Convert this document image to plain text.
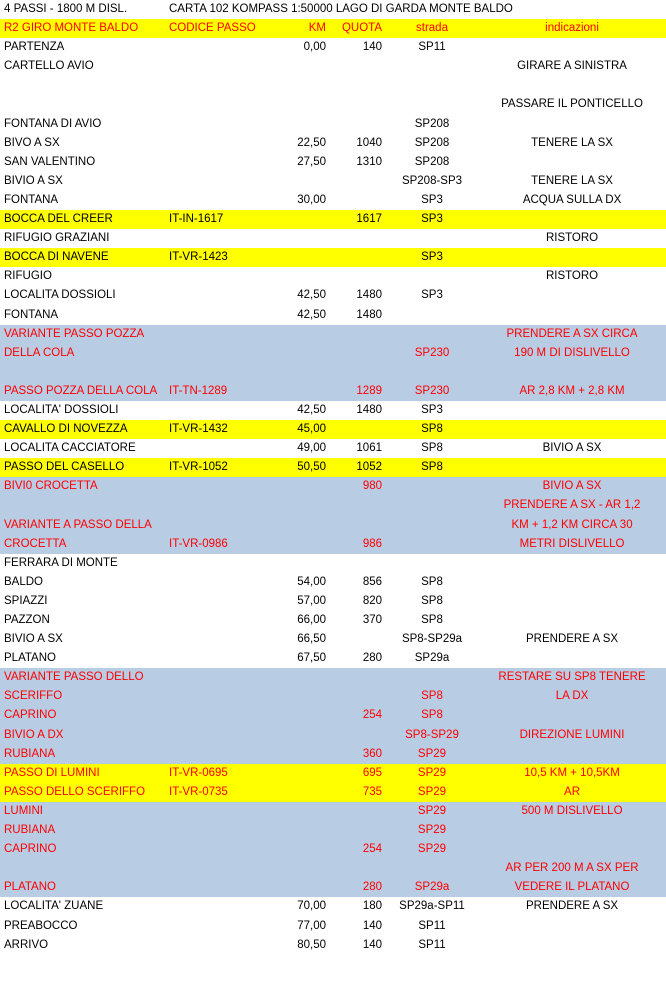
4 PASSI - 1800 M DISL.	CARTA 102 KOMPASS 1:50000 LAGO DI GARDA MONTE BALDO				
R2 GIRO MONTE BALDO	CODICE PASSO	KM	QUOTA	strada	indicazioni
PARTENZA		0,00	140	SP11	
CARTELLO AVIO					GIRARE A SINISTRA

					PASSARE IL PONTICELLO
FONTANA DI AVIO				SP208	
BIVO A SX		22,50	1040	SP208	TENERE LA SX
SAN VALENTINO		27,50	1310	SP208	
BIVIO A SX				SP208-SP3	TENERE LA SX
FONTANA		30,00		SP3	ACQUA SULLA DX
BOCCA DEL CREER	IT-IN-1617		1617	SP3	
RIFUGIO GRAZIANI					RISTORO
BOCCA DI NAVENE	IT-VR-1423			SP3	
RIFUGIO					RISTORO
LOCALITA DOSSIOLI		42,50	1480	SP3	
FONTANA		42,50	1480		
VARIANTE PASSO POZZA					PRENDERE A SX CIRCA
DELLA COLA				SP230	190 M DI DISLIVELLO

PASSO POZZA DELLA COLA	IT-TN-1289		1289	SP230	AR 2,8 KM + 2,8 KM
LOCALITA' DOSSIOLI		42,50	1480	SP3	
CAVALLO DI NOVEZZA	IT-VR-1432	45,00		SP8	
LOCALITA CACCIATORE		49,00	1061	SP8	BIVIO A SX
PASSO DEL CASELLO	IT-VR-1052	50,50	1052	SP8	
BIVI0 CROCETTA			980		BIVIO A SX
					PRENDERE A SX - AR 1,2
VARIANTE A PASSO DELLA					KM + 1,2 KM CIRCA 30
CROCETTA	IT-VR-0986		986		METRI DISLIVELLO
FERRARA DI MONTE					
BALDO		54,00	856	SP8	
SPIAZZI		57,00	820	SP8	
PAZZON		66,00	370	SP8	
BIVIO A SX		66,50		SP8-SP29a	PRENDERE A SX
PLATANO		67,50	280	SP29a	
VARIANTE PASSO DELLO					RESTARE SU SP8 TENERE
SCERIFFO				SP8	LA DX
CAPRINO			254	SP8	
BIVIO A DX				SP8-SP29	DIREZIONE LUMINI
RUBIANA			360	SP29	
PASSO DI LUMINI	IT-VR-0695		695	SP29	10,5 KM + 10,5KM
PASSO DELLO SCERIFFO	IT-VR-0735		735	SP29	AR
LUMINI				SP29	500 M DISLIVELLO
RUBIANA				SP29	
CAPRINO			254	SP29	
					AR PER 200 M A SX PER
PLATANO			280	SP29a	VEDERE IL PLATANO
LOCALITA' ZUANE		70,00	180	SP29a-SP11	PRENDERE A SX
PREABOCCO		77,00	140	SP11	
ARRIVO		80,50	140	SP11	
